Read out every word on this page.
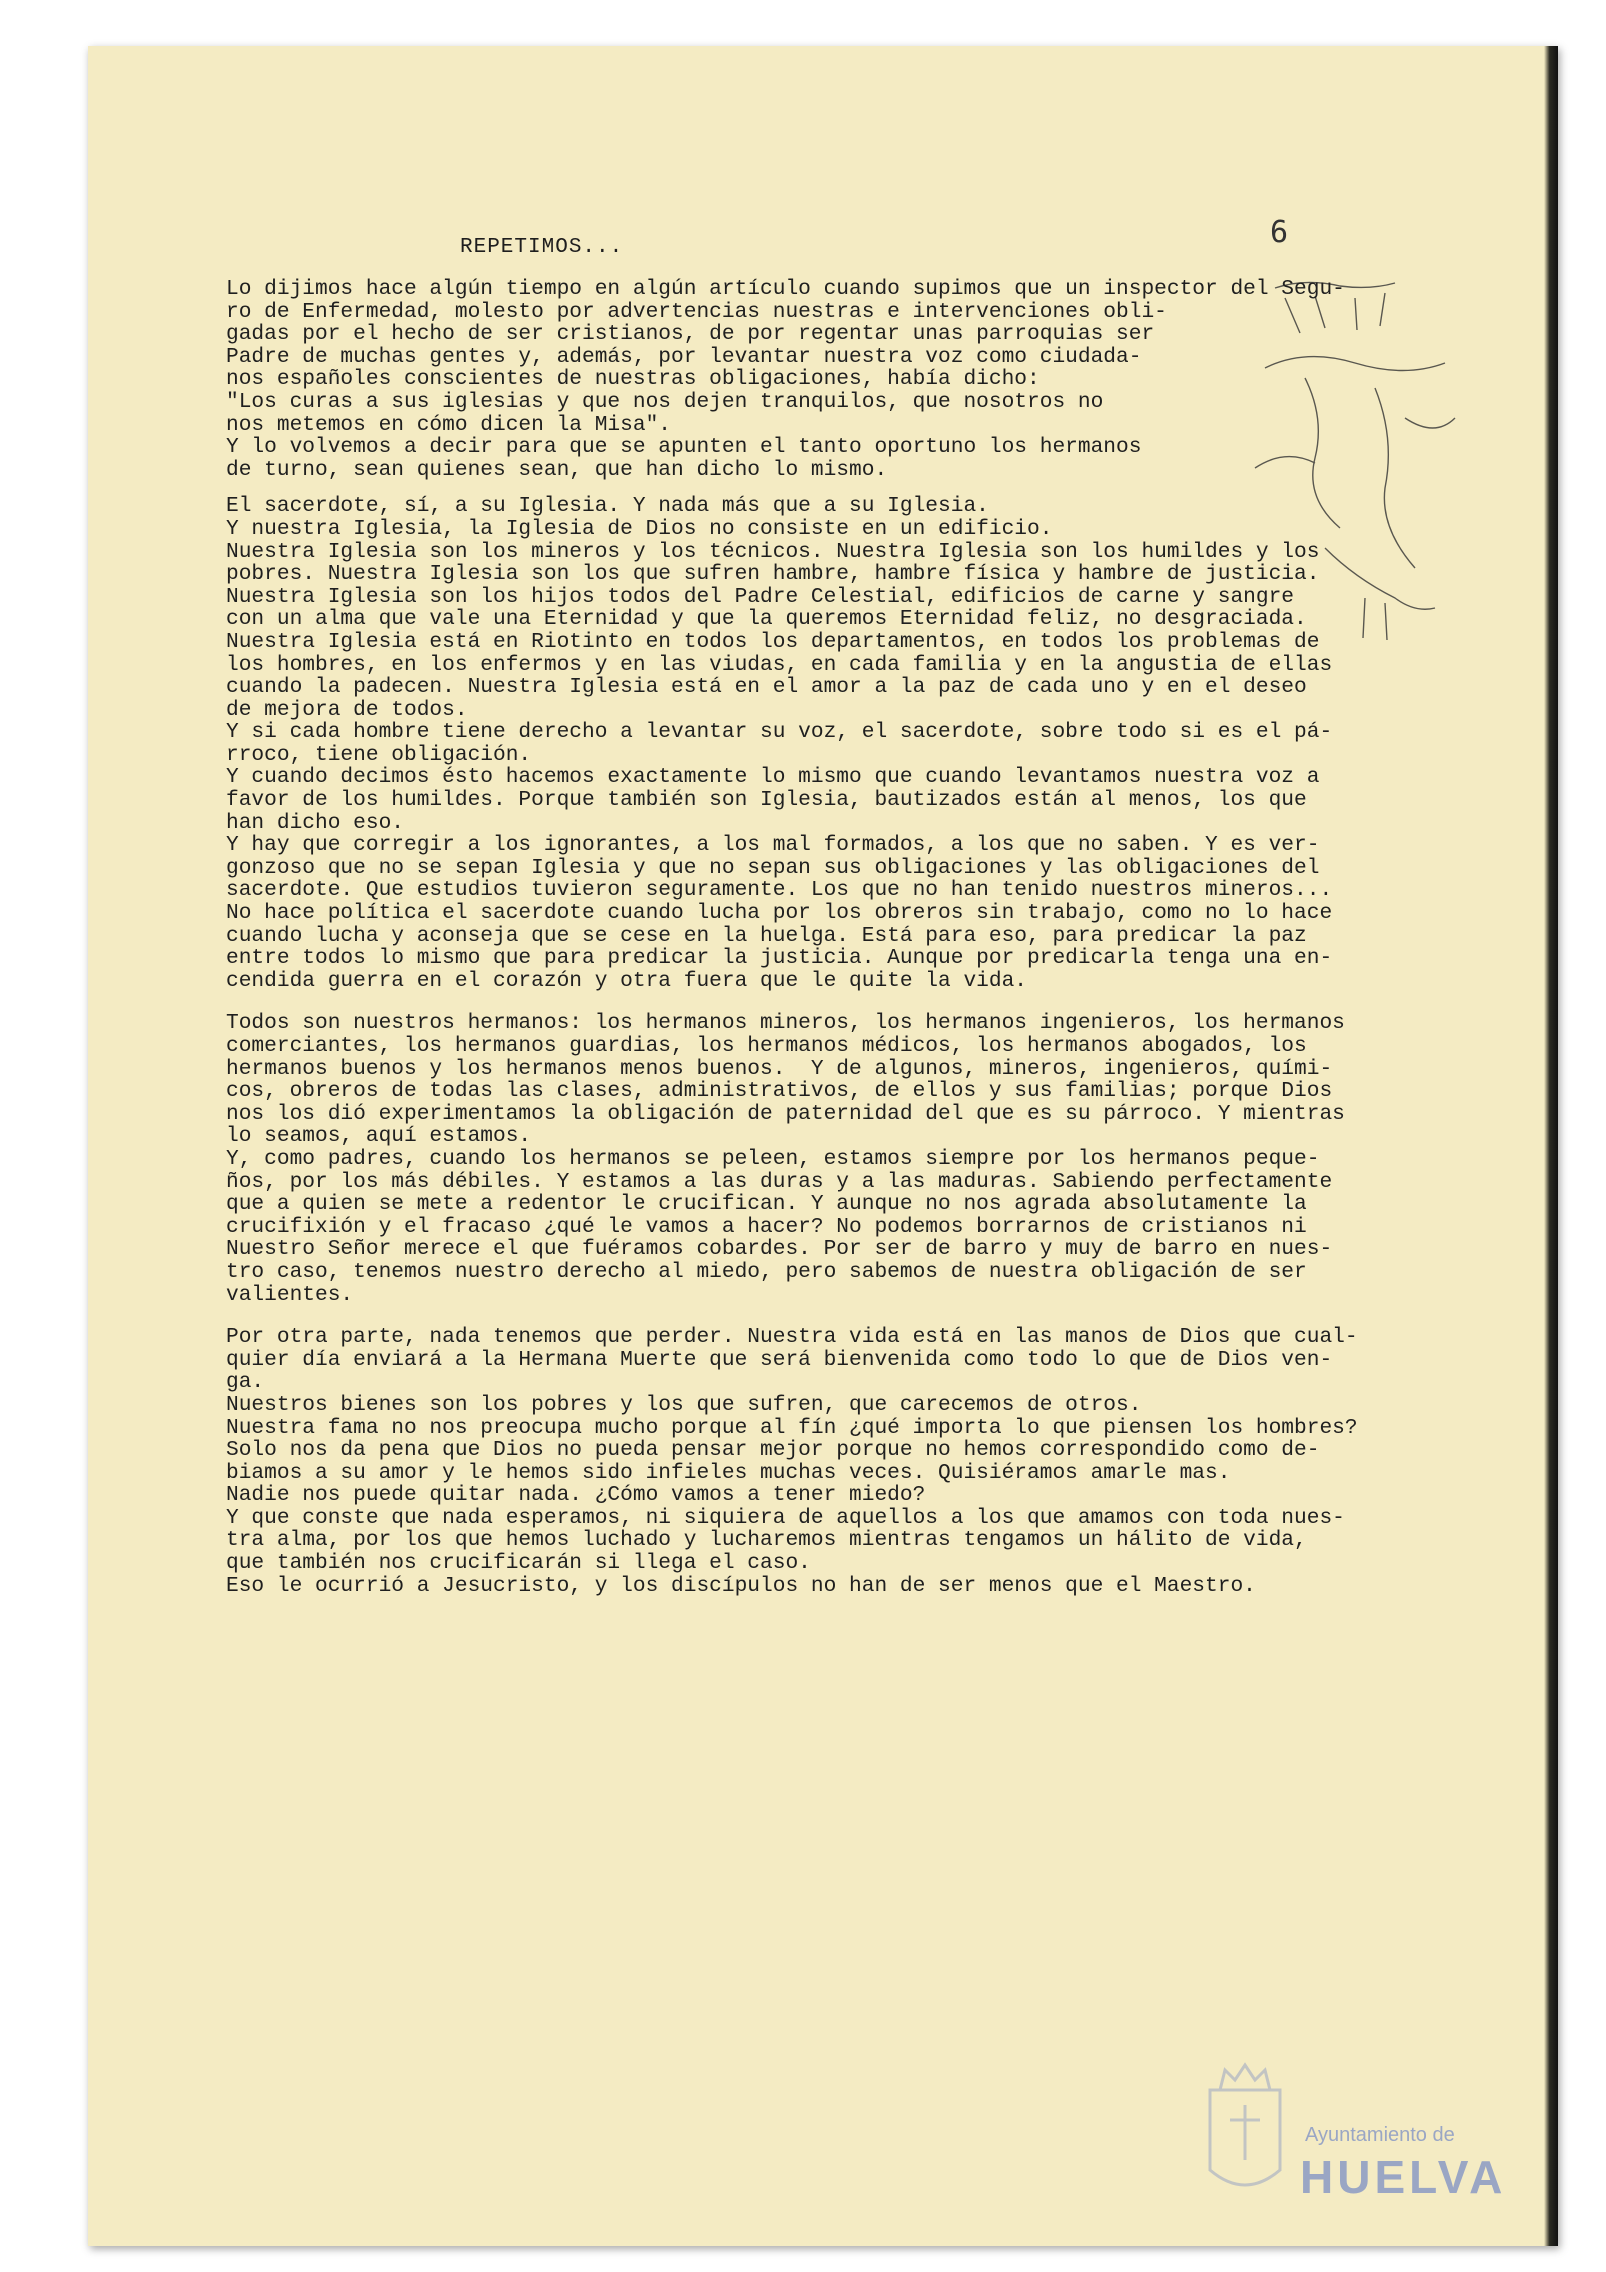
6
REPETIMOS...
Lo dijimos hace algún tiempo en algún artículo cuando supimos que un inspector del Segu-
ro de Enfermedad, molesto por advertencias nuestras e intervenciones obli-
gadas por el hecho de ser cristianos, de por regentar unas parroquias ser
Padre de muchas gentes y, además, por levantar nuestra voz como ciudada-
nos españoles conscientes de nuestras obligaciones, había dicho:
"Los curas a sus iglesias y que nos dejen tranquilos, que nosotros no
nos metemos en cómo dicen la Misa".
Y lo volvemos a decir para que se apunten el tanto oportuno los hermanos
de turno, sean quienes sean, que han dicho lo mismo.
El sacerdote, sí, a su Iglesia. Y nada más que a su Iglesia.
Y nuestra Iglesia, la Iglesia de Dios no consiste en un edificio.
Nuestra Iglesia son los mineros y los técnicos. Nuestra Iglesia son los humildes y los
pobres. Nuestra Iglesia son los que sufren hambre, hambre física y hambre de justicia.
Nuestra Iglesia son los hijos todos del Padre Celestial, edificios de carne y sangre
con un alma que vale una Eternidad y que la queremos Eternidad feliz, no desgraciada.
Nuestra Iglesia está en Riotinto en todos los departamentos, en todos los problemas de
los hombres, en los enfermos y en las viudas, en cada familia y en la angustia de ellas
cuando la padecen. Nuestra Iglesia está en el amor a la paz de cada uno y en el deseo
de mejora de todos.
Y si cada hombre tiene derecho a levantar su voz, el sacerdote, sobre todo si es el pá-
rroco, tiene obligación.
Y cuando decimos ésto hacemos exactamente lo mismo que cuando levantamos nuestra voz a
favor de los humildes. Porque también son Iglesia, bautizados están al menos, los que
han dicho eso.
Y hay que corregir a los ignorantes, a los mal formados, a los que no saben. Y es ver-
gonzoso que no se sepan Iglesia y que no sepan sus obligaciones y las obligaciones del
sacerdote. Que estudios tuvieron seguramente. Los que no han tenido nuestros mineros...
No hace política el sacerdote cuando lucha por los obreros sin trabajo, como no lo hace
cuando lucha y aconseja que se cese en la huelga. Está para eso, para predicar la paz
entre todos lo mismo que para predicar la justicia. Aunque por predicarla tenga una en-
cendida guerra en el corazón y otra fuera que le quite la vida.
Todos son nuestros hermanos: los hermanos mineros, los hermanos ingenieros, los hermanos
comerciantes, los hermanos guardias, los hermanos médicos, los hermanos abogados, los
hermanos buenos y los hermanos menos buenos.  Y de algunos, mineros, ingenieros, quími-
cos, obreros de todas las clases, administrativos, de ellos y sus familias; porque Dios
nos los dió experimentamos la obligación de paternidad del que es su párroco. Y mientras
lo seamos, aquí estamos.
Y, como padres, cuando los hermanos se peleen, estamos siempre por los hermanos peque-
ños, por los más débiles. Y estamos a las duras y a las maduras. Sabiendo perfectamente
que a quien se mete a redentor le crucifican. Y aunque no nos agrada absolutamente la
crucifixión y el fracaso ¿qué le vamos a hacer? No podemos borrarnos de cristianos ni
Nuestro Señor merece el que fuéramos cobardes. Por ser de barro y muy de barro en nues-
tro caso, tenemos nuestro derecho al miedo, pero sabemos de nuestra obligación de ser
valientes.
Por otra parte, nada tenemos que perder. Nuestra vida está en las manos de Dios que cual-
quier día enviará a la Hermana Muerte que será bienvenida como todo lo que de Dios ven-
ga.
Nuestros bienes son los pobres y los que sufren, que carecemos de otros.
Nuestra fama no nos preocupa mucho porque al fín ¿qué importa lo que piensen los hombres?
Solo nos da pena que Dios no pueda pensar mejor porque no hemos correspondido como de-
biamos a su amor y le hemos sido infieles muchas veces. Quisiéramos amarle mas.
Nadie nos puede quitar nada. ¿Cómo vamos a tener miedo?
Y que conste que nada esperamos, ni siquiera de aquellos a los que amamos con toda nues-
tra alma, por los que hemos luchado y lucharemos mientras tengamos un hálito de vida,
que también nos crucificarán si llega el caso.
Eso le ocurrió a Jesucristo, y los discípulos no han de ser menos que el Maestro.
Ayuntamiento de
HUELVA
